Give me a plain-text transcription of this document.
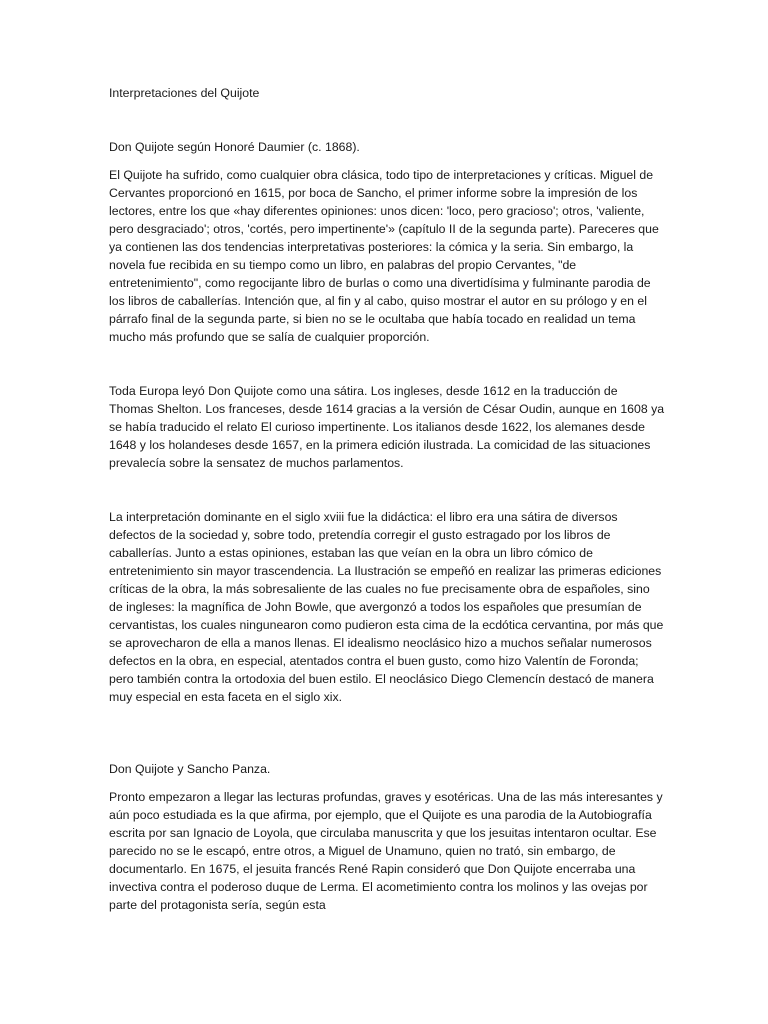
Interpretaciones del Quijote

Don Quijote según Honoré Daumier (c. 1868).

El Quijote ha sufrido, como cualquier obra clásica, todo tipo de interpretaciones y críticas. Miguel de Cervantes proporcionó en 1615, por boca de Sancho, el primer informe sobre la impresión de los lectores, entre los que «hay diferentes opiniones: unos dicen: 'loco, pero gracioso'; otros, 'valiente, pero desgraciado'; otros, 'cortés, pero impertinente'» (capítulo II de la segunda parte). Pareceres que ya contienen las dos tendencias interpretativas posteriores: la cómica y la seria. Sin embargo, la novela fue recibida en su tiempo como un libro, en palabras del propio Cervantes, "de entretenimiento", como regocijante libro de burlas o como una divertidísima y fulminante parodia de los libros de caballerías. Intención que, al fin y al cabo, quiso mostrar el autor en su prólogo y en el párrafo final de la segunda parte, si bien no se le ocultaba que había tocado en realidad un tema mucho más profundo que se salía de cualquier proporción.

Toda Europa leyó Don Quijote como una sátira. Los ingleses, desde 1612 en la traducción de Thomas Shelton. Los franceses, desde 1614 gracias a la versión de César Oudin, aunque en 1608 ya se había traducido el relato El curioso impertinente. Los italianos desde 1622, los alemanes desde 1648 y los holandeses desde 1657, en la primera edición ilustrada. La comicidad de las situaciones prevalecía sobre la sensatez de muchos parlamentos.

La interpretación dominante en el siglo xviii fue la didáctica: el libro era una sátira de diversos defectos de la sociedad y, sobre todo, pretendía corregir el gusto estragado por los libros de caballerías. Junto a estas opiniones, estaban las que veían en la obra un libro cómico de entretenimiento sin mayor trascendencia. La Ilustración se empeñó en realizar las primeras ediciones críticas de la obra, la más sobresaliente de las cuales no fue precisamente obra de españoles, sino de ingleses: la magnífica de John Bowle, que avergonzó a todos los españoles que presumían de cervantistas, los cuales ningunearon como pudieron esta cima de la ecdótica cervantina, por más que se aprovecharon de ella a manos llenas. El idealismo neoclásico hizo a muchos señalar numerosos defectos en la obra, en especial, atentados contra el buen gusto, como hizo Valentín de Foronda; pero también contra la ortodoxia del buen estilo. El neoclásico Diego Clemencín destacó de manera muy especial en esta faceta en el siglo xix.

Don Quijote y Sancho Panza.

Pronto empezaron a llegar las lecturas profundas, graves y esotéricas. Una de las más interesantes y aún poco estudiada es la que afirma, por ejemplo, que el Quijote es una parodia de la Autobiografía escrita por san Ignacio de Loyola, que circulaba manuscrita y que los jesuitas intentaron ocultar. Ese parecido no se le escapó, entre otros, a Miguel de Unamuno, quien no trató, sin embargo, de documentarlo. En 1675, el jesuita francés René Rapin consideró que Don Quijote encerraba una invectiva contra el poderoso duque de Lerma. El acometimiento contra los molinos y las ovejas por parte del protagonista sería, según esta
